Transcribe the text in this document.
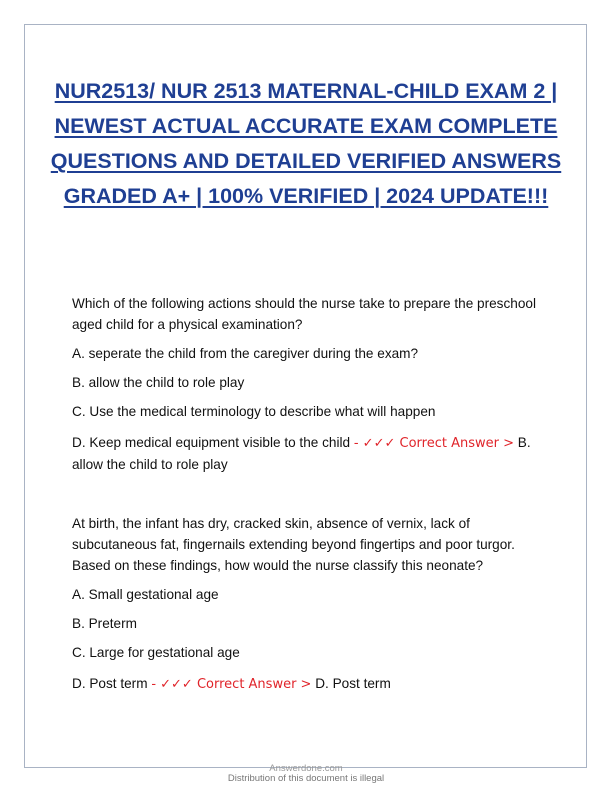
NUR2513/ NUR 2513 MATERNAL-CHILD EXAM 2 | NEWEST ACTUAL ACCURATE EXAM COMPLETE QUESTIONS AND DETAILED VERIFIED ANSWERS GRADED A+ | 100% VERIFIED | 2024 UPDATE!!!

Which of the following actions should the nurse take to prepare the preschool aged child for a physical examination?

A. seperate the child from the caregiver during the exam?

B. allow the child to role play

C. Use the medical terminology to describe what will happen

D. Keep medical equipment visible to the child - ✓✓✓ Correct Answer > B. allow the child to role play

At birth, the infant has dry, cracked skin, absence of vernix, lack of subcutaneous fat, fingernails extending beyond fingertips and poor turgor. Based on these findings, how would the nurse classify this neonate?

A. Small gestational age

B. Preterm

C. Large for gestational age

D. Post term - ✓✓✓ Correct Answer > D. Post term

Answerdone.com
Distribution of this document is illegal
